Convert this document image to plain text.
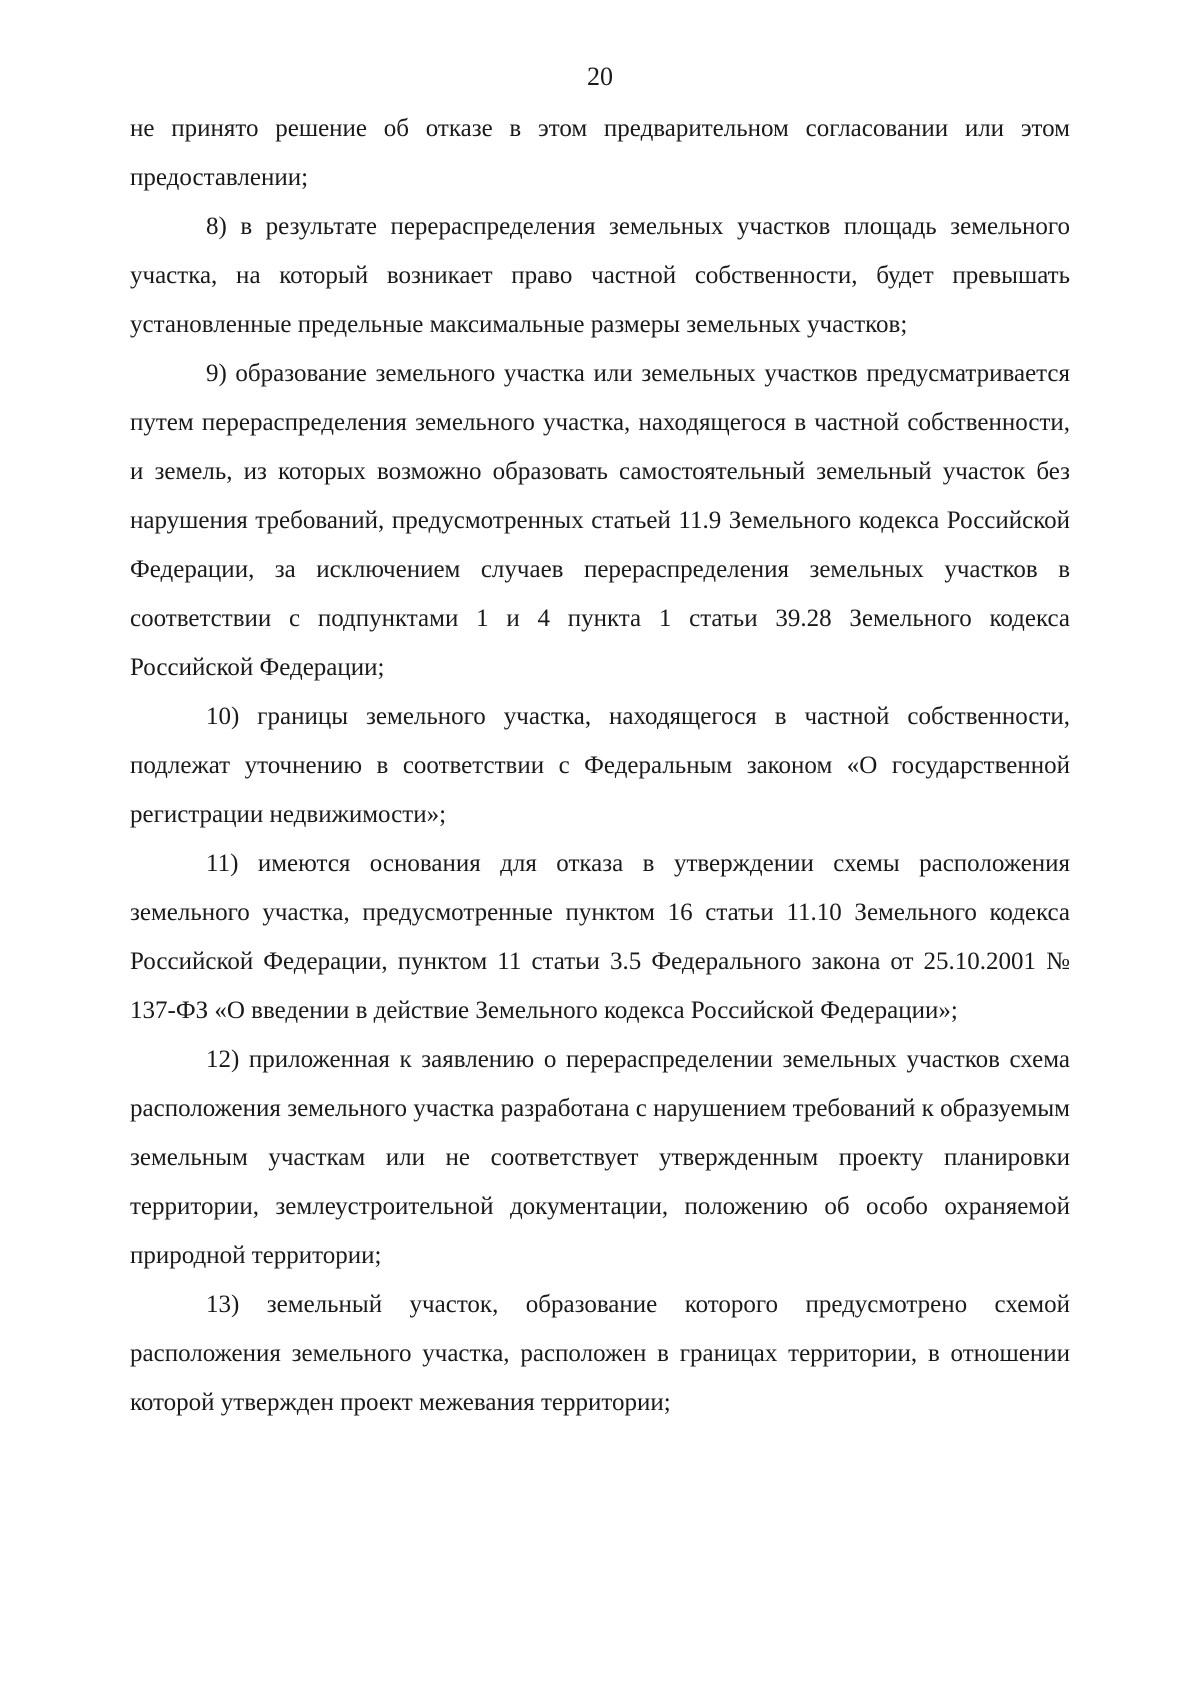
20

не принято решение об отказе в этом предварительном согласовании или этом предоставлении;

8) в результате перераспределения земельных участков площадь земельного участка, на который возникает право частной собственности, будет превышать установленные предельные максимальные размеры земельных участков;

9) образование земельного участка или земельных участков предусматривается путем перераспределения земельного участка, находящегося в частной собственности, и земель, из которых возможно образовать самостоятельный земельный участок без нарушения требований, предусмотренных статьей 11.9 Земельного кодекса Российской Федерации, за исключением случаев перераспределения земельных участков в соответствии с подпунктами 1 и 4 пункта 1 статьи 39.28 Земельного кодекса Российской Федерации;

10) границы земельного участка, находящегося в частной собственности, подлежат уточнению в соответствии с Федеральным законом «О государственной регистрации недвижимости»;

11) имеются основания для отказа в утверждении схемы расположения земельного участка, предусмотренные пунктом 16 статьи 11.10 Земельного кодекса Российской Федерации, пунктом 11 статьи 3.5 Федерального закона от 25.10.2001 № 137-ФЗ «О введении в действие Земельного кодекса Российской Федерации»;

12) приложенная к заявлению о перераспределении земельных участков схема расположения земельного участка разработана с нарушением требований к образуемым земельным участкам или не соответствует утвержденным проекту планировки территории, землеустроительной документации, положению об особо охраняемой природной территории;

13) земельный участок, образование которого предусмотрено схемой расположения земельного участка, расположен в границах территории, в отношении которой утвержден проект межевания территории;
